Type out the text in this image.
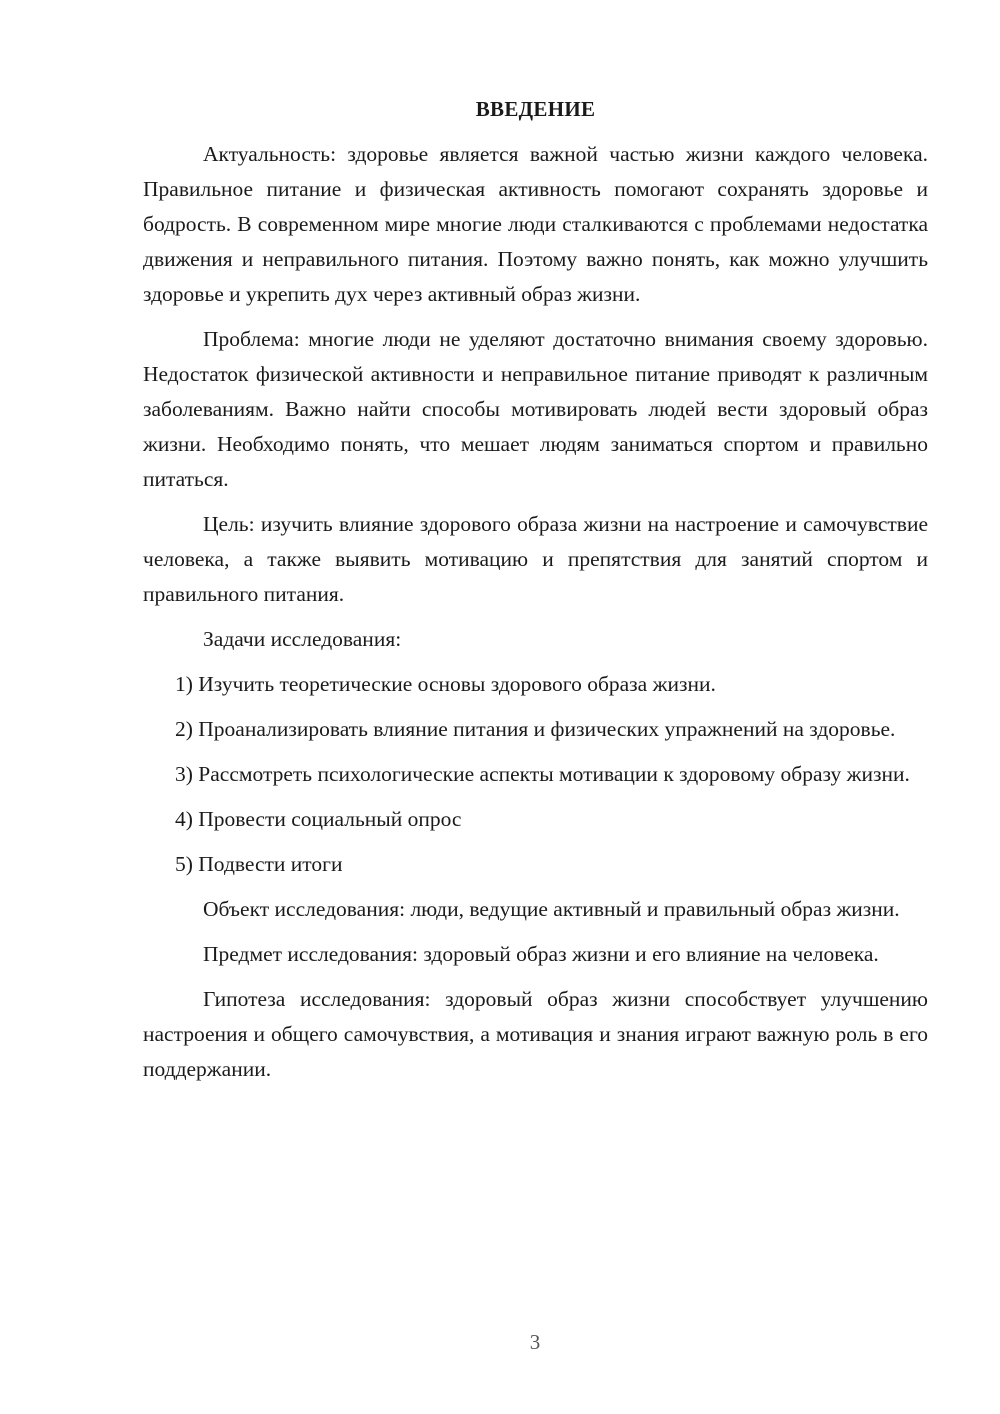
ВВЕДЕНИЕ

Актуальность: здоровье является важной частью жизни каждого человека. Правильное питание и физическая активность помогают сохранять здоровье и бодрость. В современном мире многие люди сталкиваются с проблемами недостатка движения и неправильного питания. Поэтому важно понять, как можно улучшить здоровье и укрепить дух через активный образ жизни.

Проблема: многие люди не уделяют достаточно внимания своему здоровью. Недостаток физической активности и неправильное питание приводят к различным заболеваниям. Важно найти способы мотивировать людей вести здоровый образ жизни. Необходимо понять, что мешает людям заниматься спортом и правильно питаться.

Цель: изучить влияние здорового образа жизни на настроение и самочувствие человека, а также выявить мотивацию и препятствия для занятий спортом и правильного питания.

Задачи исследования:

1) Изучить теоретические основы здорового образа жизни.

2) Проанализировать влияние питания и физических упражнений на здоровье.

3) Рассмотреть психологические аспекты мотивации к здоровому образу жизни.

4) Провести социальный опрос

5) Подвести итоги

Объект исследования: люди, ведущие активный и правильный образ жизни.

Предмет исследования: здоровый образ жизни и его влияние на человека.

Гипотеза исследования: здоровый образ жизни способствует улучшению настроения и общего самочувствия, а мотивация и знания играют важную роль в его поддержании.

3
